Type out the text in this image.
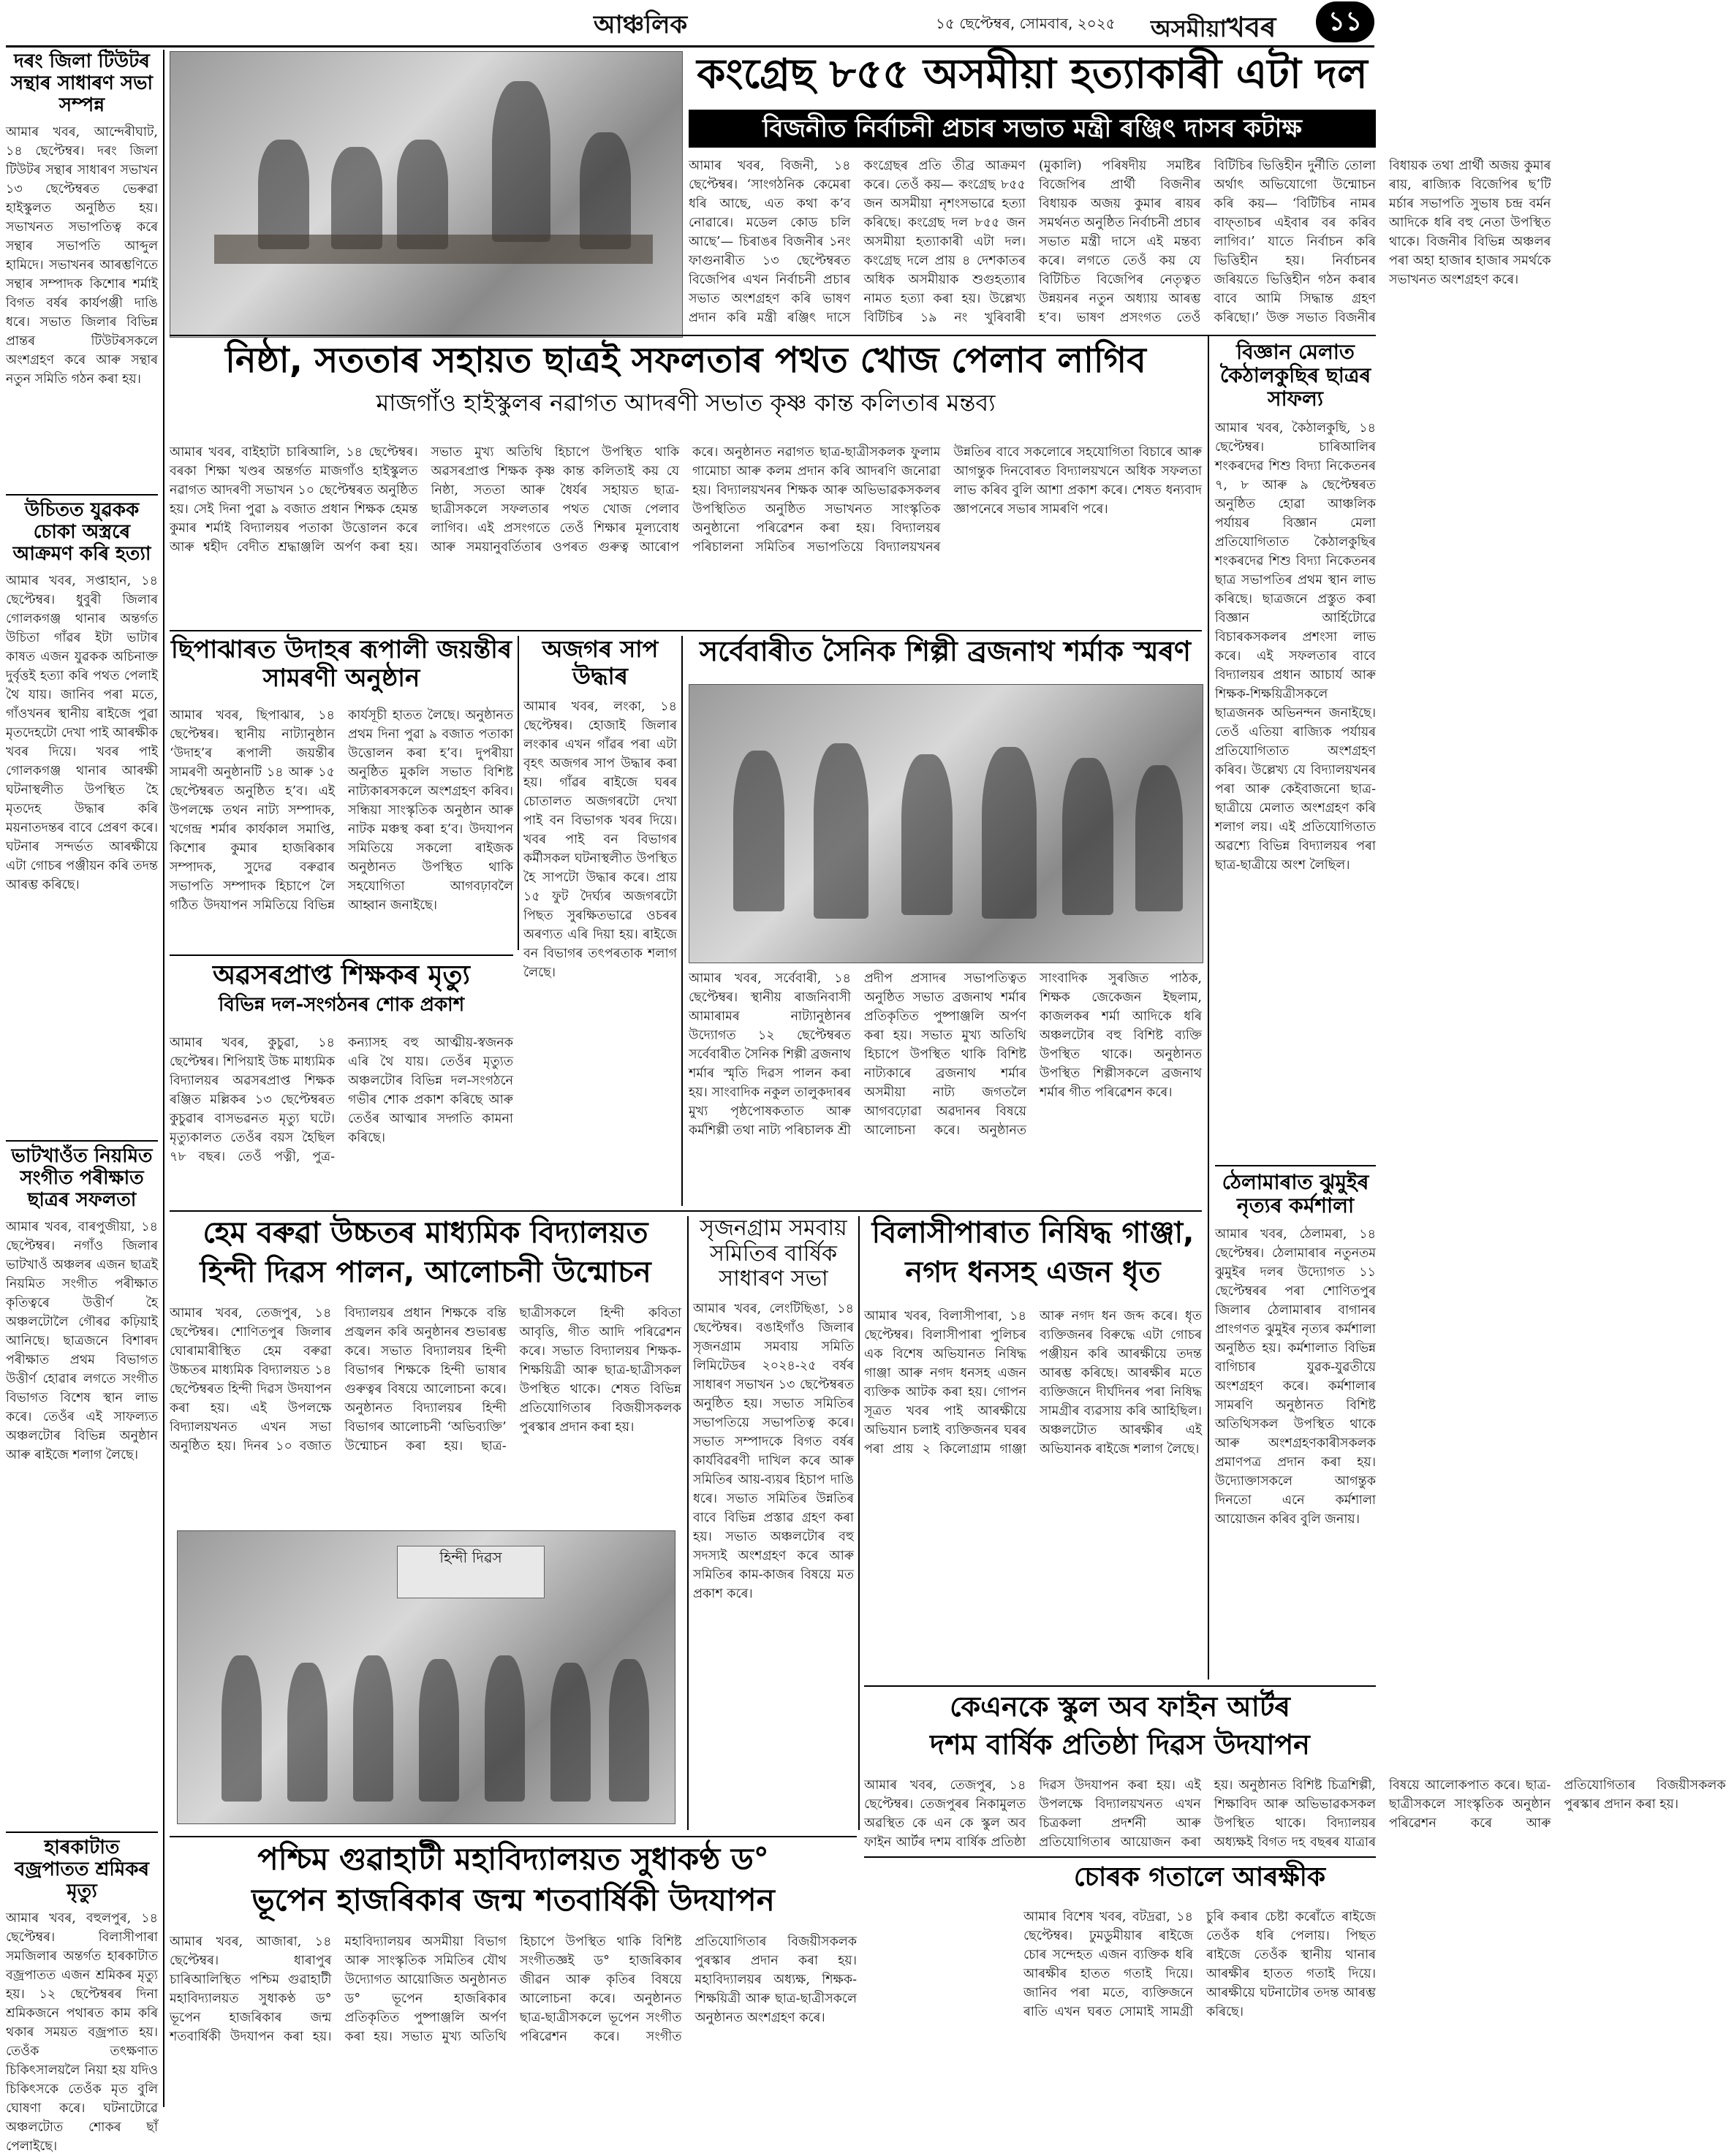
আঞ্চলিক	১৫ ছেপ্টেম্বৰ, সোমবাৰ, ২০২৫ অসমীয়াখবৰ	১১
দৰং জিলা টিউটৰ সন্থাৰ সাধাৰণ সভা সম্পন্ন
আমাৰ খবৰ, আন্দেৰীঘাট, ১৪ ছেপ্টেম্বৰ। দৰং জিলা টিউটৰ সন্থাৰ সাধাৰণ সভাখন ১৩ ছেপ্টেম্বৰত ভেৰুৱা হাইস্কুলত অনুষ্ঠিত হয়। সভাখনত সভাপতিত্ব কৰে সন্থাৰ সভাপতি আব্দুল হামিদে। সভাখনৰ আৰম্ভণিতে সন্থাৰ সম্পাদক কিশোৰ শৰ্মাই বিগত বৰ্ষৰ কাৰ্যপঞ্জী দাঙি ধৰে। সভাত জিলাৰ বিভিন্ন প্ৰান্তৰ টিউটৰসকলে অংশগ্ৰহণ কৰে আৰু সন্থাৰ নতুন সমিতি গঠন কৰা হয়।
উচিতত যুৱকক চোকা অস্ত্ৰৰে আক্ৰমণ কৰি হত্যা
আমাৰ খবৰ, সপ্তাহান, ১৪ ছেপ্টেম্বৰ। ধুবুৰী জিলাৰ গোলকগঞ্জ থানাৰ অন্তৰ্গত উচিতা গাঁৱৰ ইটা ভাটাৰ কাষত এজন যুৱকক অচিনাক্ত দুৰ্বৃত্তই হত্যা কৰি পথত পেলাই থৈ যায়। জানিব পৰা মতে, গাঁওখনৰ স্থানীয় ৰাইজে পুৱা মৃতদেহটো দেখা পাই আৰক্ষীক খবৰ দিয়ে। খবৰ পাই গোলকগঞ্জ থানাৰ আৰক্ষী ঘটনাস্থলীত উপস্থিত হৈ মৃতদেহ উদ্ধাৰ কৰি ময়নাতদন্তৰ বাবে প্ৰেৰণ কৰে। ঘটনাৰ সন্দৰ্ভত আৰক্ষীয়ে এটা গোচৰ পঞ্জীয়ন কৰি তদন্ত আৰম্ভ কৰিছে।
ভাটখাওঁত নিয়মিত সংগীত পৰীক্ষাত ছাত্ৰৰ সফলতা
আমাৰ খবৰ, বাৰপুজীয়া, ১৪ ছেপ্টেম্বৰ। নগাঁও জিলাৰ ভাটখাওঁ অঞ্চলৰ এজন ছাত্ৰই নিয়মিত সংগীত পৰীক্ষাত কৃতিত্বৰে উত্তীৰ্ণ হৈ অঞ্চলটোলৈ গৌৰৱ কঢ়িয়াই আনিছে। ছাত্ৰজনে বিশাৰদ পৰীক্ষাত প্ৰথম বিভাগত উত্তীৰ্ণ হোৱাৰ লগতে সংগীত বিভাগত বিশেষ স্থান লাভ কৰে। তেওঁৰ এই সাফল্যত অঞ্চলটোৰ বিভিন্ন অনুষ্ঠান আৰু ৰাইজে শলাগ লৈছে।
হাৰকাটাত বজ্ৰপাতত শ্ৰমিকৰ মৃত্যু
আমাৰ খবৰ, বহুলপুৰ, ১৪ ছেপ্টেম্বৰ। বিলাসীপাৰা সমজিলাৰ অন্তৰ্গত হাৰকাটাত বজ্ৰপাতত এজন শ্ৰমিকৰ মৃত্যু হয়। ১২ ছেপ্টেম্বৰৰ দিনা শ্ৰমিকজনে পথাৰত কাম কৰি থকাৰ সময়ত বজ্ৰপাত হয়। তেওঁক তৎক্ষণাত চিকিৎসালয়লৈ নিয়া হয় যদিও চিকিৎসকে তেওঁক মৃত বুলি ঘোষণা কৰে। ঘটনাটোৱে অঞ্চলটোত শোকৰ ছাঁ পেলাইছে।
কংগ্ৰেছ ৮৫৫ অসমীয়া হত্যাকাৰী এটা দল
বিজনীত নিৰ্বাচনী প্ৰচাৰ সভাত মন্ত্ৰী ৰঞ্জিৎ দাসৰ কটাক্ষ
আমাৰ খবৰ, বিজনী, ১৪ ছেপ্টেম্বৰ। ‘সাংগঠনিক কেমেৰা ধৰি আছে, এত কথা ক’ব নোৱাৰে। মডেল কোড চলি আছে’— চিৰাঙৰ বিজনীৰ ১নং ফাগুনাৰীত ১৩ ছেপ্টেম্বৰত বিজেপিৰ এখন নিৰ্বাচনী প্ৰচাৰ সভাত অংশগ্ৰহণ কৰি ভাষণ প্ৰদান কৰি মন্ত্ৰী ৰঞ্জিৎ দাসে কংগ্ৰেছৰ প্ৰতি তীব্ৰ আক্ৰমণ কৰে। তেওঁ কয়— কংগ্ৰেছ ৮৫৫ জন অসমীয়া নৃশংসভাৱে হত্যা কৰিছে। কংগ্ৰেছ দল ৮৫৫ জন অসমীয়া হত্যাকাৰী এটা দল। কংগ্ৰেছ দলে প্ৰায় ৪ দেশকাতৰ অধিক অসমীয়াক শুগুহত্যাৰ নামত হত্যা কৰা হয়। উল্লেখ্য বিটিচিৰ ১৯ নং খুৰিবাৰী (মুকালি) পৰিষদীয় সমষ্টিৰ বিজেপিৰ প্ৰাৰ্থী বিজনীৰ বিধায়ক অজয় কুমাৰ ৰায়ৰ সমৰ্থনত অনুষ্ঠিত নিৰ্বাচনী প্ৰচাৰ সভাত মন্ত্ৰী দাসে এই মন্তব্য কৰে। লগতে তেওঁ কয় যে বিটিচিত বিজেপিৰ নেতৃত্বত উন্নয়নৰ নতুন অধ্যায় আৰম্ভ হ’ব। ভাষণ প্ৰসংগত তেওঁ বিটিচিৰ ভিত্তিহীন দুৰ্নীতি তোলা অৰ্থাৎ অভিযোগো উন্মোচন কৰি কয়— ‘বিটিচিৰ নামৰ বাফ্তাচৰ এইবাৰ বৰ কৰিব লাগিব।’ যাতে নিৰ্বাচন কৰি ভিত্তিহীন হয়। নিৰ্বাচনৰ জৰিয়তে ভিত্তিহীন গঠন কৰাৰ বাবে আমি সিদ্ধান্ত গ্ৰহণ কৰিছো।’ উক্ত সভাত বিজনীৰ বিধায়ক তথা প্ৰাৰ্থী অজয় কুমাৰ ৰায়, ৰাজ্যিক বিজেপিৰ ছ’টি মৰ্চাৰ সভাপতি সুভাষ চন্দ্ৰ বৰ্মন আদিকে ধৰি বহু নেতা উপস্থিত থাকে। বিজনীৰ বিভিন্ন অঞ্চলৰ পৰা অহা হাজাৰ হাজাৰ সমৰ্থকে সভাখনত অংশগ্ৰহণ কৰে।
নিষ্ঠা, সততাৰ সহায়ত ছাত্ৰই সফলতাৰ পথত খোজ পেলাব লাগিব
মাজগাঁও হাইস্কুলৰ নৱাগত আদৰণী সভাত কৃষ্ণ কান্ত কলিতাৰ মন্তব্য
আমাৰ খবৰ, বাইহাটা চাৰিআলি, ১৪ ছেপ্টেম্বৰ। বৰকা শিক্ষা খণ্ডৰ অন্তৰ্গত মাজগাঁও হাইস্কুলত নৱাগত আদৰণী সভাখন ১০ ছেপ্টেম্বৰত অনুষ্ঠিত হয়। সেই দিনা পুৱা ৯ বজাত প্ৰধান শিক্ষক হেমন্ত কুমাৰ শৰ্মাই বিদ্যালয়ৰ পতাকা উত্তোলন কৰে আৰু শ্বহীদ বেদীত শ্ৰদ্ধাঞ্জলি অৰ্পণ কৰা হয়। সভাত মুখ্য অতিথি হিচাপে উপস্থিত থাকি অৱসৰপ্ৰাপ্ত শিক্ষক কৃষ্ণ কান্ত কলিতাই কয় যে নিষ্ঠা, সততা আৰু ধৈৰ্যৰ সহায়ত ছাত্ৰ-ছাত্ৰীসকলে সফলতাৰ পথত খোজ পেলাব লাগিব। এই প্ৰসংগতে তেওঁ শিক্ষাৰ মূল্যবোধ আৰু সময়ানুবৰ্তিতাৰ ওপৰত গুৰুত্ব আৰোপ কৰে। অনুষ্ঠানত নৱাগত ছাত্ৰ-ছাত্ৰীসকলক ফুলাম গামোচা আৰু কলম প্ৰদান কৰি আদৰণি জনোৱা হয়। বিদ্যালয়খনৰ শিক্ষক আৰু অভিভাৱকসকলৰ উপস্থিতিত অনুষ্ঠিত সভাখনত সাংস্কৃতিক অনুষ্ঠানো পৰিৱেশন কৰা হয়। বিদ্যালয়ৰ পৰিচালনা সমিতিৰ সভাপতিয়ে বিদ্যালয়খনৰ উন্নতিৰ বাবে সকলোৰে সহযোগিতা বিচাৰে আৰু আগন্তুক দিনবোৰত বিদ্যালয়খনে অধিক সফলতা লাভ কৰিব বুলি আশা প্ৰকাশ কৰে। শেষত ধন্যবাদ জ্ঞাপনেৰে সভাৰ সামৰণি পৰে।
বিজ্ঞান মেলাত কৈঠালকুছিৰ ছাত্ৰৰ সাফল্য
আমাৰ খবৰ, কৈঠালকুছি, ১৪ ছেপ্টেম্বৰ। চাৰিআলিৰ শংকৰদেৱ শিশু বিদ্যা নিকেতনৰ ৭, ৮ আৰু ৯ ছেপ্টেম্বৰত অনুষ্ঠিত হোৱা আঞ্চলিক পৰ্যায়ৰ বিজ্ঞান মেলা প্ৰতিযোগিতাত কৈঠালকুছিৰ শংকৰদেৱ শিশু বিদ্যা নিকেতনৰ ছাত্ৰ সভাপতিৰ প্ৰথম স্থান লাভ কৰিছে। ছাত্ৰজনে প্ৰস্তুত কৰা বিজ্ঞান আৰ্হিটোৱে বিচাৰকসকলৰ প্ৰশংসা লাভ কৰে। এই সফলতাৰ বাবে বিদ্যালয়ৰ প্ৰধান আচাৰ্য আৰু শিক্ষক-শিক্ষয়িত্ৰীসকলে ছাত্ৰজনক অভিনন্দন জনাইছে। তেওঁ এতিয়া ৰাজ্যিক পৰ্যায়ৰ প্ৰতিযোগিতাত অংশগ্ৰহণ কৰিব। উল্লেখ্য যে বিদ্যালয়খনৰ পৰা আৰু কেইবাজনো ছাত্ৰ-ছাত্ৰীয়ে মেলাত অংশগ্ৰহণ কৰি শলাগ লয়। এই প্ৰতিযোগিতাত অৱশ্যে বিভিন্ন বিদ্যালয়ৰ পৰা ছাত্ৰ-ছাত্ৰীয়ে অংশ লৈছিল।
ছিপাঝাৰত উদাহৰ ৰূপালী জয়ন্তীৰ সামৰণী অনুষ্ঠান
আমাৰ খবৰ, ছিপাঝাৰ, ১৪ ছেপ্টেম্বৰ। স্থানীয় নাট্যানুষ্ঠান ‘উদাহ’ৰ ৰূপালী জয়ন্তীৰ সামৰণী অনুষ্ঠানটি ১৪ আৰু ১৫ ছেপ্টেম্বৰত অনুষ্ঠিত হ’ব। এই উপলক্ষে তথন নাট্য সম্পাদক, খগেন্দ্ৰ শৰ্মাৰ কাৰ্যকাল সমাপ্তি, কিশোৰ কুমাৰ হাজৰিকাৰ সম্পাদক, সুদেৱ বৰুৱাৰ সভাপতি সম্পাদক হিচাপে লৈ গঠিত উদযাপন সমিতিয়ে বিভিন্ন কাৰ্যসূচী হাতত লৈছে। অনুষ্ঠানত প্ৰথম দিনা পুৱা ৯ বজাত পতাকা উত্তোলন কৰা হ’ব। দুপৰীয়া অনুষ্ঠিত মুকলি সভাত বিশিষ্ট নাট্যকাৰসকলে অংশগ্ৰহণ কৰিব। সন্ধিয়া সাংস্কৃতিক অনুষ্ঠান আৰু নাটক মঞ্চস্থ কৰা হ’ব। উদযাপন সমিতিয়ে সকলো ৰাইজক অনুষ্ঠানত উপস্থিত থাকি সহযোগিতা আগবঢ়াবলৈ আহ্বান জনাইছে।
অজগৰ সাপ উদ্ধাৰ
আমাৰ খবৰ, লংকা, ১৪ ছেপ্টেম্বৰ। হোজাই জিলাৰ লংকাৰ এখন গাঁৱৰ পৰা এটা বৃহৎ অজগৰ সাপ উদ্ধাৰ কৰা হয়। গাঁৱৰ ৰাইজে ঘৰৰ চোতালত অজগৰটো দেখা পাই বন বিভাগক খবৰ দিয়ে। খবৰ পাই বন বিভাগৰ কৰ্মীসকল ঘটনাস্থলীত উপস্থিত হৈ সাপটো উদ্ধাৰ কৰে। প্ৰায় ১৫ ফুট দৈৰ্ঘ্যৰ অজগৰটো পিছত সুৰক্ষিতভাৱে ওচৰৰ অৰণ্যত এৰি দিয়া হয়। ৰাইজে বন বিভাগৰ তৎপৰতাক শলাগ লৈছে।
সৰ্বেবাৰীত সৈনিক শিল্পী ব্ৰজনাথ শৰ্মাক স্মৰণ
আমাৰ খবৰ, সৰ্বেবাৰী, ১৪ ছেপ্টেম্বৰ। স্থানীয় ৰাজনিবাসী আমাৰামৰ নাট্যানুষ্ঠানৰ উদ্যোগত ১২ ছেপ্টেম্বৰত সৰ্বেবাৰীত সৈনিক শিল্পী ব্ৰজনাথ শৰ্মাৰ স্মৃতি দিৱস পালন কৰা হয়। সাংবাদিক নকুল তালুকদাৰৰ মুখ্য পৃষ্ঠপোষকতাত আৰু কৰ্মশিল্পী তথা নাট্য পৰিচালক শ্ৰী প্ৰদীপ প্ৰসাদৰ সভাপতিত্বত অনুষ্ঠিত সভাত ব্ৰজনাথ শৰ্মাৰ প্ৰতিকৃতিত পুষ্পাঞ্জলি অৰ্পণ কৰা হয়। সভাত মুখ্য অতিথি হিচাপে উপস্থিত থাকি বিশিষ্ট নাট্যকাৰে ব্ৰজনাথ শৰ্মাৰ অসমীয়া নাট্য জগতলৈ আগবঢ়োৱা অৱদানৰ বিষয়ে আলোচনা কৰে। অনুষ্ঠানত সাংবাদিক সুৰজিত পাঠক, শিক্ষক জেকেজন ইছলাম, কাজলকৰ শৰ্মা আদিকে ধৰি অঞ্চলটোৰ বহু বিশিষ্ট ব্যক্তি উপস্থিত থাকে। অনুষ্ঠানত উপস্থিত শিল্পীসকলে ব্ৰজনাথ শৰ্মাৰ গীত পৰিৱেশন কৰে।
অৱসৰপ্ৰাপ্ত শিক্ষকৰ মৃত্যু
বিভিন্ন দল-সংগঠনৰ শোক প্ৰকাশ
আমাৰ খবৰ, কুচুৱা, ১৪ ছেপ্টেম্বৰ। শিপিয়াই উচ্চ মাধ্যমিক বিদ্যালয়ৰ অৱসৰপ্ৰাপ্ত শিক্ষক ৰঞ্জিত মল্লিকৰ ১৩ ছেপ্টেম্বৰত কুচুৱাৰ বাসভৱনত মৃত্যু ঘটে। মৃত্যুকালত তেওঁৰ বয়স হৈছিল ৭৮ বছৰ। তেওঁ পত্নী, পুত্ৰ-কন্যাসহ বহু আত্মীয়-স্বজনক এৰি থৈ যায়। তেওঁৰ মৃত্যুত অঞ্চলটোৰ বিভিন্ন দল-সংগঠনে গভীৰ শোক প্ৰকাশ কৰিছে আৰু তেওঁৰ আত্মাৰ সদ্গতি কামনা কৰিছে।
হেম বৰুৱা উচ্চতৰ মাধ্যমিক বিদ্যালয়ত
হিন্দী দিৱস পালন, আলোচনী উন্মোচন
আমাৰ খবৰ, তেজপুৰ, ১৪ ছেপ্টেম্বৰ। শোণিতপুৰ জিলাৰ ঘোৰামাৰীস্থিত হেম বৰুৱা উচ্চতৰ মাধ্যমিক বিদ্যালয়ত ১৪ ছেপ্টেম্বৰত হিন্দী দিৱস উদযাপন কৰা হয়। এই উপলক্ষে বিদ্যালয়খনত এখন সভা অনুষ্ঠিত হয়। দিনৰ ১০ বজাত বিদ্যালয়ৰ প্ৰধান শিক্ষকে বন্তি প্ৰজ্বলন কৰি অনুষ্ঠানৰ শুভাৰম্ভ কৰে। সভাত বিদ্যালয়ৰ হিন্দী বিভাগৰ শিক্ষকে হিন্দী ভাষাৰ গুৰুত্বৰ বিষয়ে আলোচনা কৰে। অনুষ্ঠানত বিদ্যালয়ৰ হিন্দী বিভাগৰ আলোচনী ‘অভিব্যক্তি’ উন্মোচন কৰা হয়। ছাত্ৰ-ছাত্ৰীসকলে হিন্দী কবিতা আবৃত্তি, গীত আদি পৰিৱেশন কৰে। সভাত বিদ্যালয়ৰ শিক্ষক-শিক্ষয়িত্ৰী আৰু ছাত্ৰ-ছাত্ৰীসকল উপস্থিত থাকে। শেষত বিভিন্ন প্ৰতিযোগিতাৰ বিজয়ীসকলক পুৰস্কাৰ প্ৰদান কৰা হয়।
হিন্দী দিৱস
সৃজনগ্ৰাম সমবায় সমিতিৰ বাৰ্ষিক সাধাৰণ সভা
আমাৰ খবৰ, লেংটিছিঙা, ১৪ ছেপ্টেম্বৰ। বঙাইগাঁও জিলাৰ সৃজনগ্ৰাম সমবায় সমিতি লিমিটেডৰ ২০২৪-২৫ বৰ্ষৰ সাধাৰণ সভাখন ১৩ ছেপ্টেম্বৰত অনুষ্ঠিত হয়। সভাত সমিতিৰ সভাপতিয়ে সভাপতিত্ব কৰে। সভাত সম্পাদকে বিগত বৰ্ষৰ কাৰ্যবিৱৰণী দাখিল কৰে আৰু সমিতিৰ আয়-ব্যয়ৰ হিচাপ দাঙি ধৰে। সভাত সমিতিৰ উন্নতিৰ বাবে বিভিন্ন প্ৰস্তাৱ গ্ৰহণ কৰা হয়। সভাত অঞ্চলটোৰ বহু সদস্যই অংশগ্ৰহণ কৰে আৰু সমিতিৰ কাম-কাজৰ বিষয়ে মত প্ৰকাশ কৰে।
বিলাসীপাৰাত নিষিদ্ধ গাঞ্জা,
নগদ ধনসহ এজন ধৃত
আমাৰ খবৰ, বিলাসীপাৰা, ১৪ ছেপ্টেম্বৰ। বিলাসীপাৰা পুলিচৰ এক বিশেষ অভিযানত নিষিদ্ধ গাঞ্জা আৰু নগদ ধনসহ এজন ব্যক্তিক আটক কৰা হয়। গোপন সূত্ৰত খবৰ পাই আৰক্ষীয়ে অভিযান চলাই ব্যক্তিজনৰ ঘৰৰ পৰা প্ৰায় ২ কিলোগ্ৰাম গাঞ্জা আৰু নগদ ধন জব্দ কৰে। ধৃত ব্যক্তিজনৰ বিৰুদ্ধে এটা গোচৰ পঞ্জীয়ন কৰি আৰক্ষীয়ে তদন্ত আৰম্ভ কৰিছে। আৰক্ষীৰ মতে ব্যক্তিজনে দীৰ্ঘদিনৰ পৰা নিষিদ্ধ সামগ্ৰীৰ ব্যৱসায় কৰি আহিছিল। অঞ্চলটোত আৰক্ষীৰ এই অভিযানক ৰাইজে শলাগ লৈছে।
ঠেলামাৰাত ঝুমুইৰ নৃত্যৰ কৰ্মশালা
আমাৰ খবৰ, ঠেলামৰা, ১৪ ছেপ্টেম্বৰ। ঠেলামাৰাৰ নতুনতম ঝুমুইৰ দলৰ উদ্যোগত ১১ ছেপ্টেম্বৰৰ পৰা শোণিতপুৰ জিলাৰ ঠেলামাৰাৰ বাগানৰ প্ৰাংগণত ঝুমুইৰ নৃত্যৰ কৰ্মশালা অনুষ্ঠিত হয়। কৰ্মশালাত বিভিন্ন বাগিচাৰ যুৱক-যুৱতীয়ে অংশগ্ৰহণ কৰে। কৰ্মশালাৰ সামৰণি অনুষ্ঠানত বিশিষ্ট অতিথিসকল উপস্থিত থাকে আৰু অংশগ্ৰহণকাৰীসকলক প্ৰমাণপত্ৰ প্ৰদান কৰা হয়। উদ্যোক্তাসকলে আগন্তুক দিনতো এনে কৰ্মশালা আয়োজন কৰিব বুলি জনায়।
কেএনকে স্কুল অব ফাইন আৰ্টৰ
দশম বাৰ্ষিক প্ৰতিষ্ঠা দিৱস উদযাপন
আমাৰ খবৰ, তেজপুৰ, ১৪ ছেপ্টেম্বৰ। তেজপুৰৰ নিকামুলত অৱস্থিত কে এন কে স্কুল অব ফাইন আৰ্টৰ দশম বাৰ্ষিক প্ৰতিষ্ঠা দিৱস উদযাপন কৰা হয়। এই উপলক্ষে বিদ্যালয়খনত এখন চিত্ৰকলা প্ৰদৰ্শনী আৰু প্ৰতিযোগিতাৰ আয়োজন কৰা হয়। অনুষ্ঠানত বিশিষ্ট চিত্ৰশিল্পী, শিক্ষাবিদ আৰু অভিভাৱকসকল উপস্থিত থাকে। বিদ্যালয়ৰ অধ্যক্ষই বিগত দহ বছৰৰ যাত্ৰাৰ বিষয়ে আলোকপাত কৰে। ছাত্ৰ-ছাত্ৰীসকলে সাংস্কৃতিক অনুষ্ঠান পৰিৱেশন কৰে আৰু প্ৰতিযোগিতাৰ বিজয়ীসকলক পুৰস্কাৰ প্ৰদান কৰা হয়।
পশ্চিম গুৱাহাটী মহাবিদ্যালয়ত সুধাকণ্ঠ ড°
ভূপেন হাজৰিকাৰ জন্ম শতবাৰ্ষিকী উদযাপন
আমাৰ খবৰ, আজাৰা, ১৪ ছেপ্টেম্বৰ। ধাৰাপুৰ চাৰিআলিস্থিত পশ্চিম গুৱাহাটী মহাবিদ্যালয়ত সুধাকণ্ঠ ড° ভূপেন হাজৰিকাৰ জন্ম শতবাৰ্ষিকী উদযাপন কৰা হয়। মহাবিদ্যালয়ৰ অসমীয়া বিভাগ আৰু সাংস্কৃতিক সমিতিৰ যৌথ উদ্যোগত আয়োজিত অনুষ্ঠানত ড° ভূপেন হাজৰিকাৰ প্ৰতিকৃতিত পুষ্পাঞ্জলি অৰ্পণ কৰা হয়। সভাত মুখ্য অতিথি হিচাপে উপস্থিত থাকি বিশিষ্ট সংগীতজ্ঞই ড° হাজৰিকাৰ জীৱন আৰু কৃতিৰ বিষয়ে আলোচনা কৰে। অনুষ্ঠানত ছাত্ৰ-ছাত্ৰীসকলে ভূপেন সংগীত পৰিৱেশন কৰে। সংগীত প্ৰতিযোগিতাৰ বিজয়ীসকলক পুৰস্কাৰ প্ৰদান কৰা হয়। মহাবিদ্যালয়ৰ অধ্যক্ষ, শিক্ষক-শিক্ষয়িত্ৰী আৰু ছাত্ৰ-ছাত্ৰীসকলে অনুষ্ঠানত অংশগ্ৰহণ কৰে।
চোৰক গতালে আৰক্ষীক
আমাৰ বিশেষ খবৰ, বটদ্ৰৱা, ১৪ ছেপ্টেম্বৰ। ঢুমডুমীয়াৰ ৰাইজে চোৰ সন্দেহত এজন ব্যক্তিক ধৰি আৰক্ষীৰ হাতত গতাই দিয়ে। জানিব পৰা মতে, ব্যক্তিজনে ৰাতি এখন ঘৰত সোমাই সামগ্ৰী চুৰি কৰাৰ চেষ্টা কৰোঁতে ৰাইজে তেওঁক ধৰি পেলায়। পিছত ৰাইজে তেওঁক স্থানীয় থানাৰ আৰক্ষীৰ হাতত গতাই দিয়ে। আৰক্ষীয়ে ঘটনাটোৰ তদন্ত আৰম্ভ কৰিছে।
